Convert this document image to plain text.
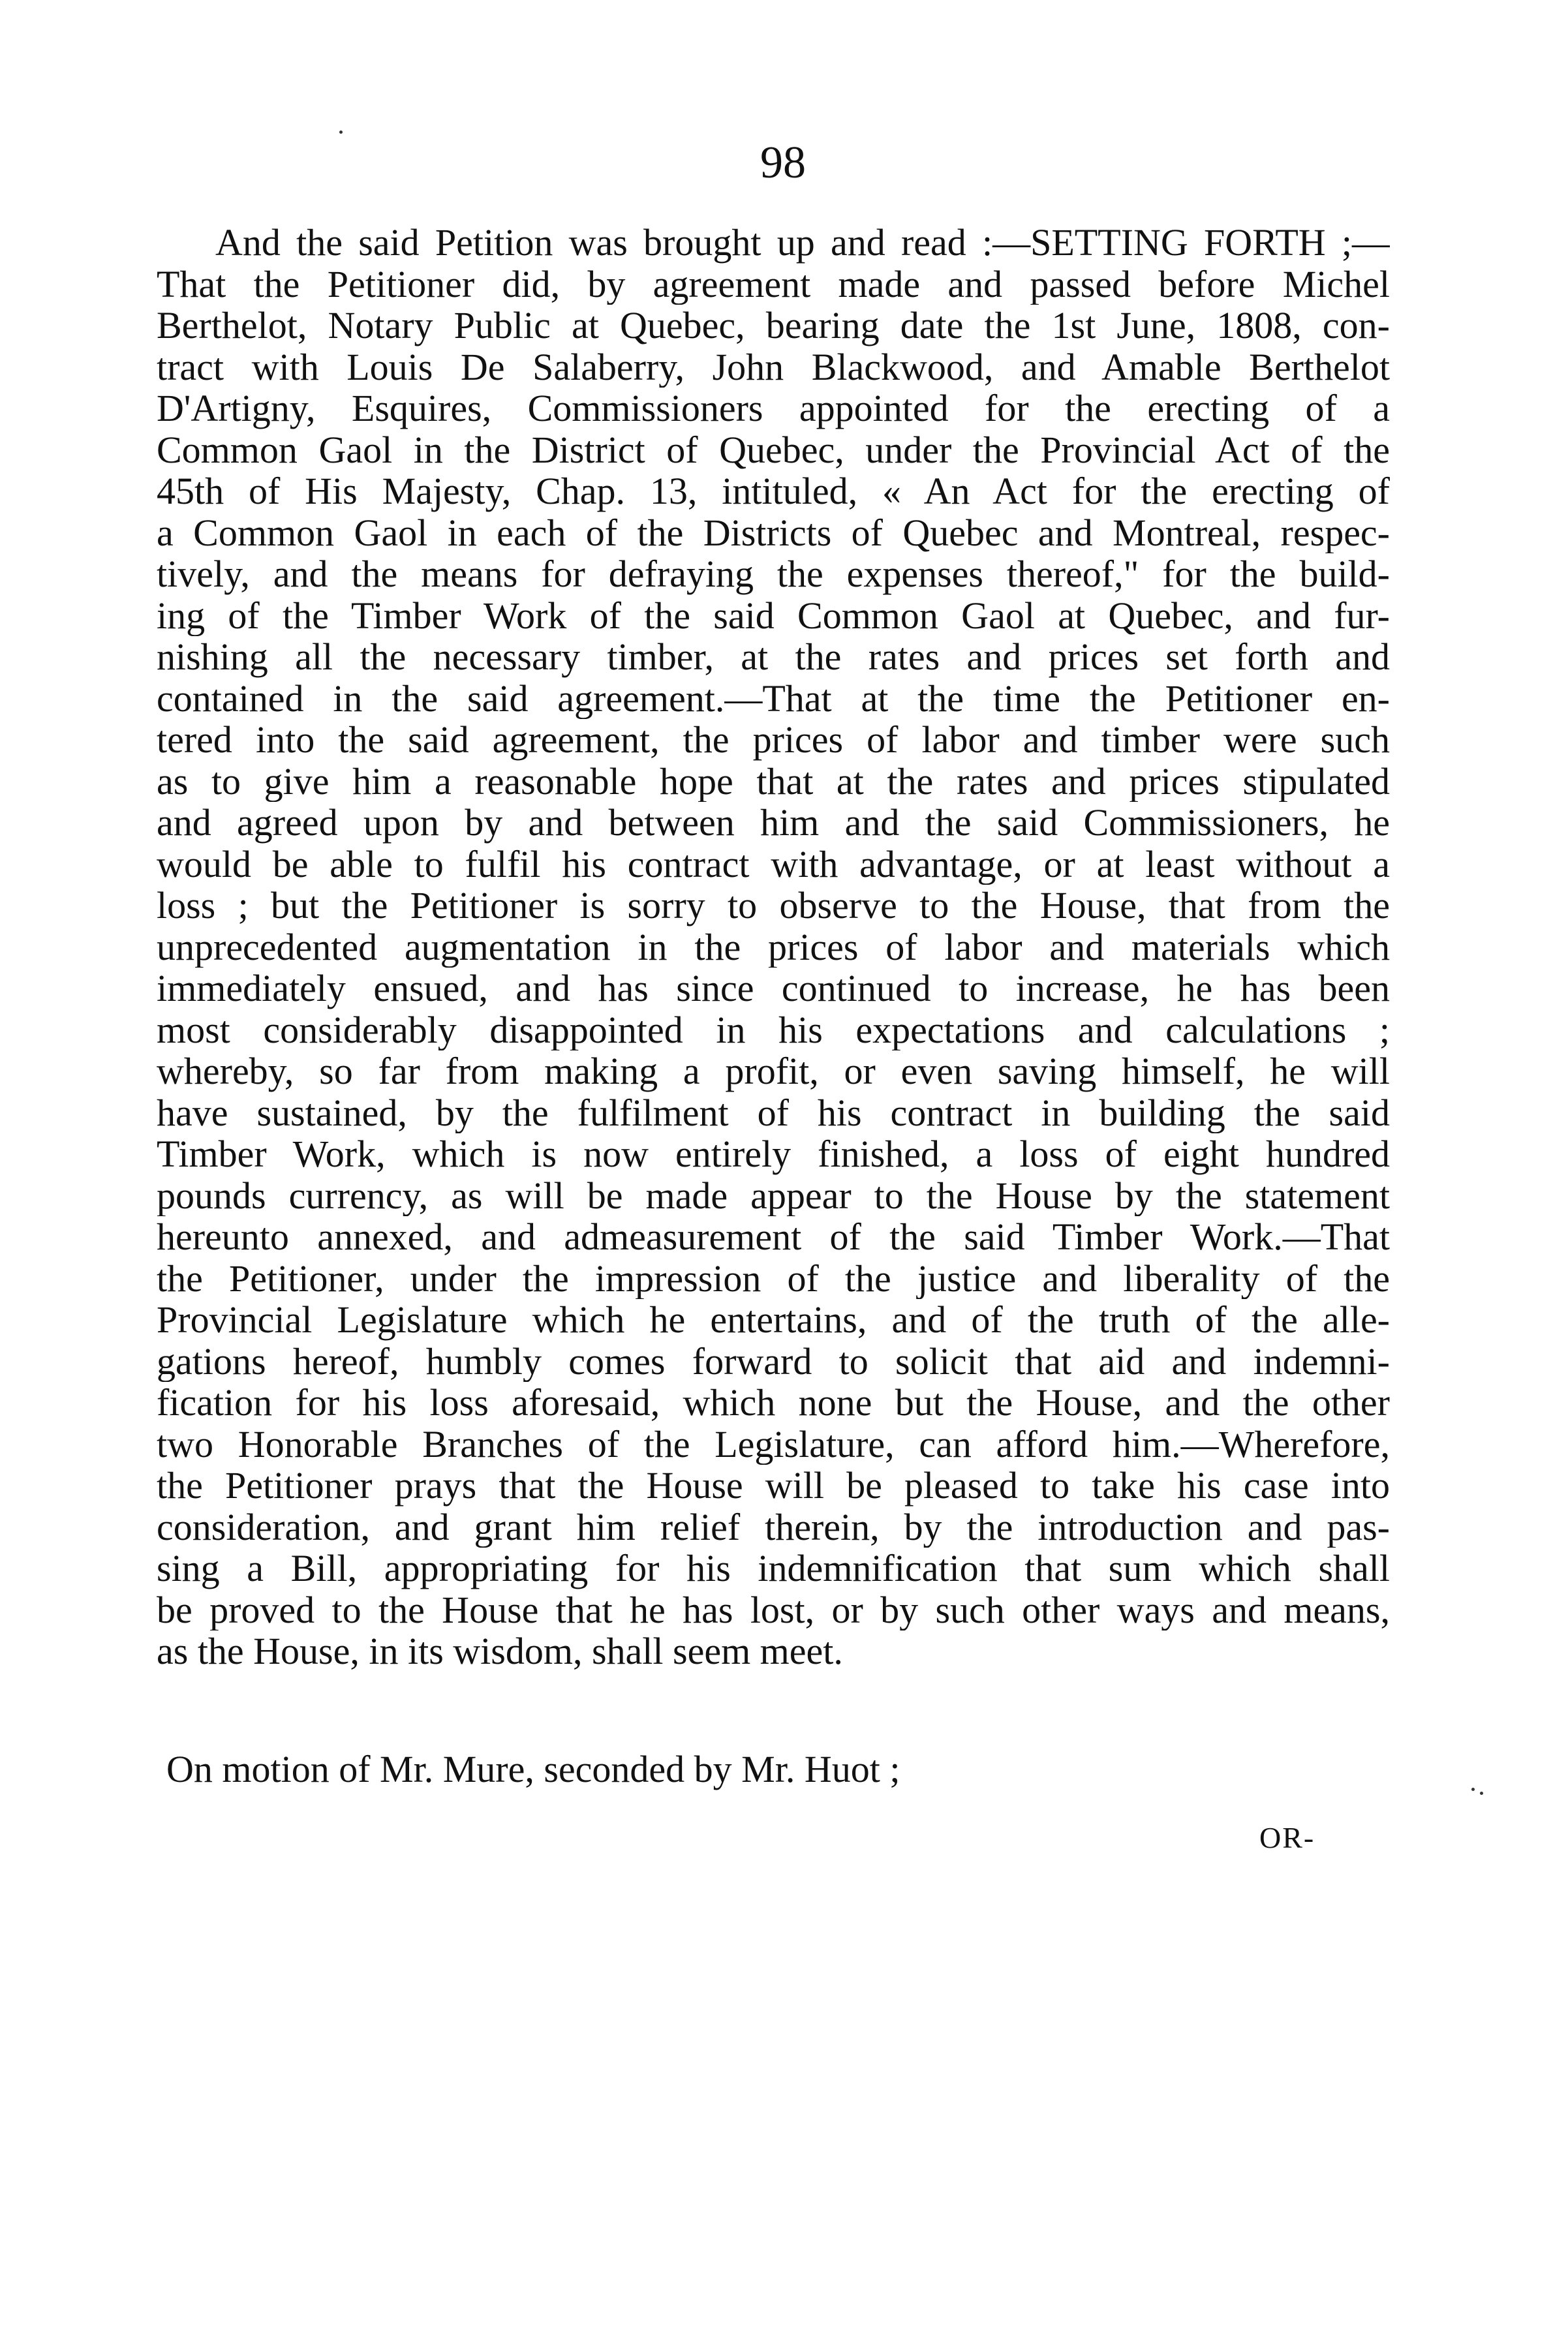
98
And the said Petition was brought up and read :—SETTING FORTH ;—
That the Petitioner did, by agreement made and passed before Michel
Berthelot, Notary Public at Quebec, bearing date the 1st June, 1808, con-
tract with Louis De Salaberry, John Blackwood, and Amable Berthelot
D'Artigny, Esquires, Commissioners appointed for the erecting of a
Common Gaol in the District of Quebec, under the Provincial Act of the
45th of His Majesty, Chap. 13, intituled, « An Act for the erecting of
a Common Gaol in each of the Districts of Quebec and Montreal, respec-
tively, and the means for defraying the expenses thereof," for the build-
ing of the Timber Work of the said Common Gaol at Quebec, and fur-
nishing all the necessary timber, at the rates and prices set forth and
contained in the said agreement.—That at the time the Petitioner en-
tered into the said agreement, the prices of labor and timber were such
as to give him a reasonable hope that at the rates and prices stipulated
and agreed upon by and between him and the said Commissioners, he
would be able to fulfil his contract with advantage, or at least without a
loss ; but the Petitioner is sorry to observe to the House, that from the
unprecedented augmentation in the prices of labor and materials which
immediately ensued, and has since continued to increase, he has been
most considerably disappointed in his expectations and calculations ;
whereby, so far from making a profit, or even saving himself, he will
have sustained, by the fulfilment of his contract in building the said
Timber Work, which is now entirely finished, a loss of eight hundred
pounds currency, as will be made appear to the House by the statement
hereunto annexed, and admeasurement of the said Timber Work.—That
the Petitioner, under the impression of the justice and liberality of the
Provincial Legislature which he entertains, and of the truth of the alle-
gations hereof, humbly comes forward to solicit that aid and indemni-
fication for his loss aforesaid, which none but the House, and the other
two Honorable Branches of the Legislature, can afford him.—Wherefore,
the Petitioner prays that the House will be pleased to take his case into
consideration, and grant him relief therein, by the introduction and pas-
sing a Bill, appropriating for his indemnification that sum which shall
be proved to the House that he has lost, or by such other ways and means,
as the House, in its wisdom, shall seem meet.
On motion of Mr. Mure, seconded by Mr. Huot ;
OR-
